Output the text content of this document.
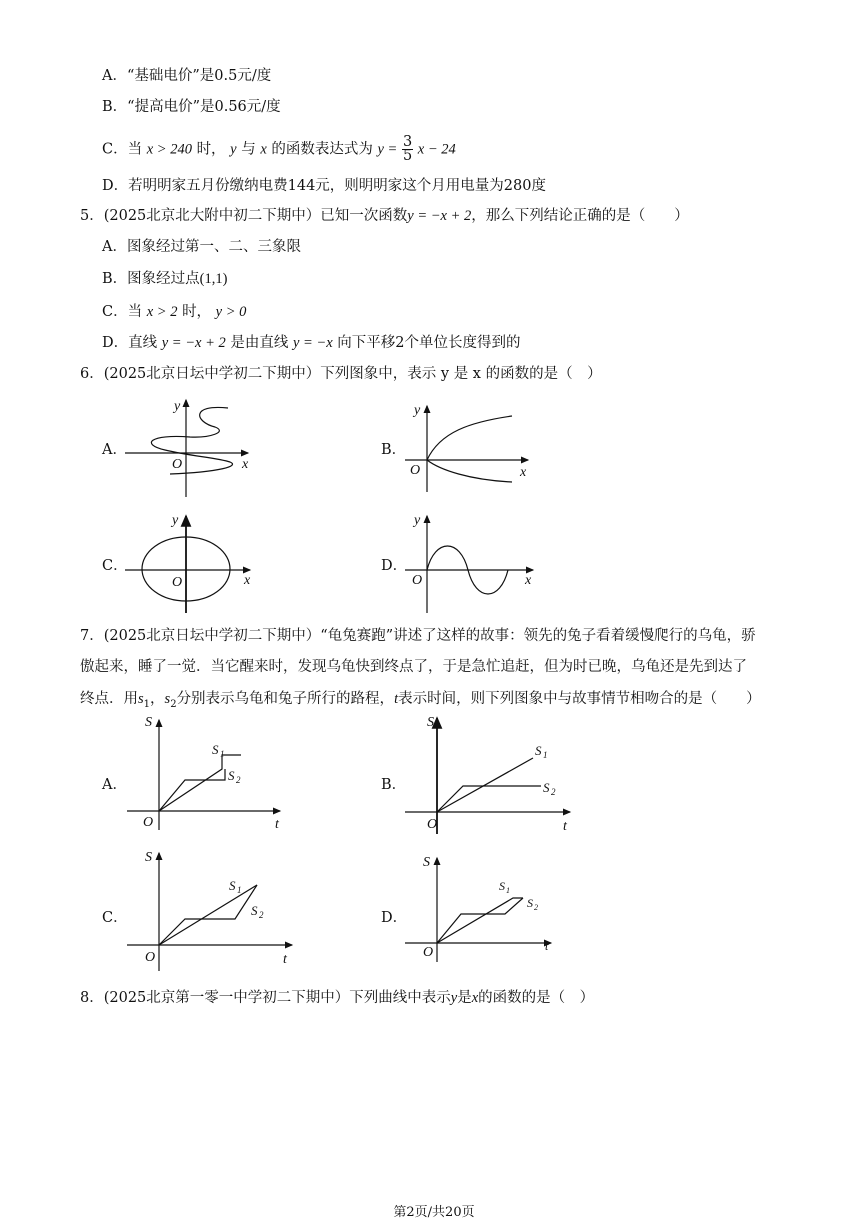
A．“基础电价”是0.5元/度
B．“提高电价”是0.56元/度
C．当 x > 240 时， y 与 x 的函数表达式为 $y = \frac{3}{5}$ x − 24
D．若明明家五月份缴纳电费144元，则明明家这个月用电量为280度
5．(2025北京北大附中初二下期中）已知一次函数y = −x + 2，那么下列结论正确的是（　　）
A．图象经过第一、二、三象限
B．图象经过点(1,1)
C．当 x > 2 时， y > 0
D．直线 y = −x + 2 是由直线 y = −x 向下平移2个单位长度得到的
6．(2025北京日坛中学初二下期中）下列图象中，表示 y 是 x 的函数的是（　）
A．	B．
C．	D．
y
x
O
y
x
O
y
x
O
y
x
O
7．(2025北京日坛中学初二下期中）“龟兔赛跑”讲述了这样的故事：领先的兔子看着缓慢爬行的乌龟，骄
傲起来，睡了一觉．当它醒来时，发现乌龟快到终点了，于是急忙追赶，但为时已晚，乌龟还是先到达了
终点．用$s_1$，$s_2$分别表示乌龟和兔子所行的路程，t表示时间，则下列图象中与故事情节相吻合的是（　　）
A．	B．
C．	D．
S
t
O
S 1
S 2
S
t
O
S 1
S 2
S
t
O
S 1
S 2
S
t
O
S 1
S 2
8．(2025北京第一零一中学初二下期中）下列曲线中表示y是x的函数的是（　）
第2页/共20页
